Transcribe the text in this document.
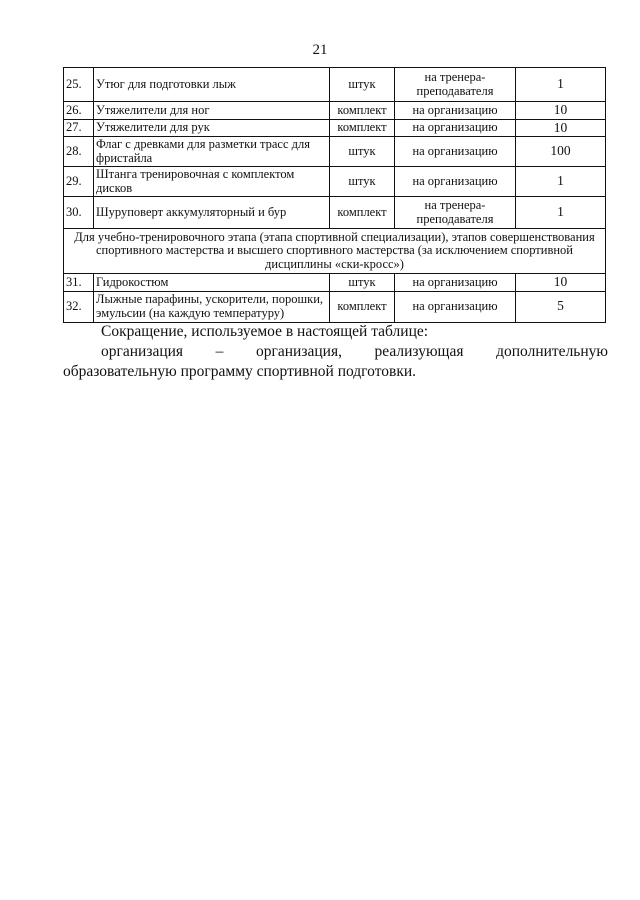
21
25.	Утюг для подготовки лыж	штук	на тренера-преподавателя	1
26.	Утяжелители для ног	комплект	на организацию	10
27.	Утяжелители для рук	комплект	на организацию	10
28.	Флаг с древками для разметки трасс для фристайла	штук	на организацию	100
29.	Штанга тренировочная с комплектом дисков	штук	на организацию	1
30.	Шуруповерт аккумуляторный и бур	комплект	на тренера-преподавателя	1
Для учебно-тренировочного этапа (этапа спортивной специализации), этапов совершенствования спортивного мастерства и высшего спортивного мастерства (за исключением спортивной дисциплины «ски-кросс»)				
31.	Гидрокостюм	штук	на организацию	10
32.	Лыжные парафины, ускорители, порошки, эмульсии (на каждую температуру)	комплект	на организацию	5

Сокращение, используемое в настоящей таблице:

организация – организация, реализующая дополнительную образовательную программу спортивной подготовки.
